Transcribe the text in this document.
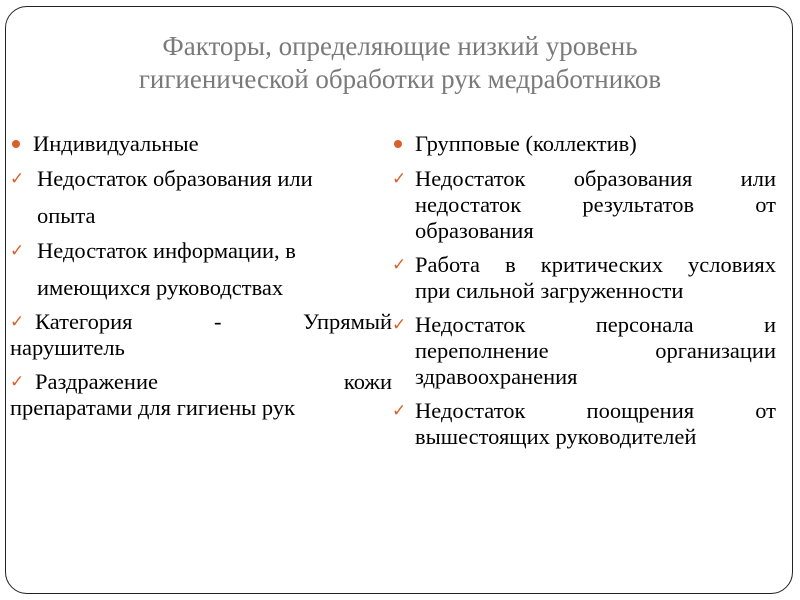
Факторы, определяющие низкий уровень
гигиенической обработки рук медработников
Индивидуальные
✓ Недостаток образования или
опыта
✓ Недостаток информации, в
имеющихся руководствах
✓ Категория - Упрямый
нарушитель
✓ Раздражение кожи
препаратами для гигиены рук
Групповые (коллектив)
✓ Недостаток образования или
недостаток результатов от
образования
✓ Работа в критических условиях
при сильной загруженности
✓ Недостаток персонала и
переполнение организации
здравоохранения
✓ Недостаток поощрения от
вышестоящих руководителей
